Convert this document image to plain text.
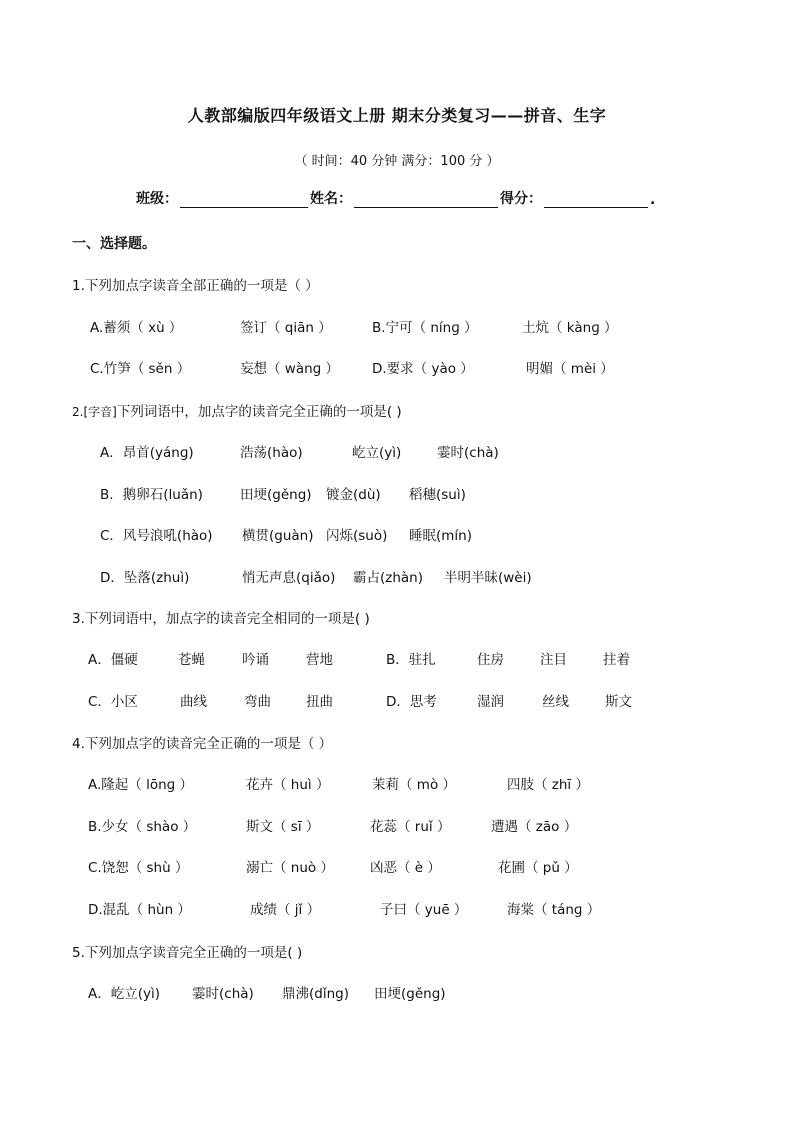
人教部编版四年级语文上册 期末分类复习——拼音、生字
（ 时间：40 分钟 满分：100 分 ）
班级：	姓名：	得分：	.
一、选择题。
1.下列加点字读音全部正确的一项是（ ）
A.蓄须（ xù ）	签订（ qiān ）	B.宁可（ nínɡ ）	土炕（ kànɡ ）
C.竹笋（ sěn ）	妄想（ wànɡ ） D.要求（ yào ）	明媚（ mèi ）
2.[字音]下列词语中，加点字的读音完全正确的一项是( )
A．昂首(yánɡ)	浩荡(hào)	屹立(yì)	霎时(chà)
B．鹅卵石(luǎn)	田埂(gěng) 镀金(dù) 稻穗(suì)
C．风号浪吼(hào) 横贯(guàn) 闪烁(suò) 睡眠(mín)
D．坠落(zhuì)	悄无声息(qiǎo) 霸占(zhàn) 半明半昧(wèi)
3.下列词语中，加点字的读音完全相同的一项是( )
A．僵硬	苍蝇	吟诵	营地	B．驻扎	住房	注目	拄着
C．小区	曲线	弯曲	扭曲	D．思考	湿润	丝线	斯文
4.下列加点字的读音完全正确的一项是（ ）
A.隆起（ lōnɡ ）	花卉（ huì ）	茉莉（ mò ）	四肢（ zhī ）
B.少女（ shào ）	斯文（ sī ）	花蕊（ ruǐ ）	遭遇（ zāo ）
C.饶恕（ shù ）	溺亡（ nuò ）	凶恶（ è ）	花圃（ pǔ ）
D.混乱（ hùn ）	成绩（ jǐ ）	子曰（ yuē ）	海棠（ tánɡ ）
5.下列加点字读音完全正确的一项是( )
A．屹立(yì) 霎时(chà) 鼎沸(dǐng) 田埂(gěng)
